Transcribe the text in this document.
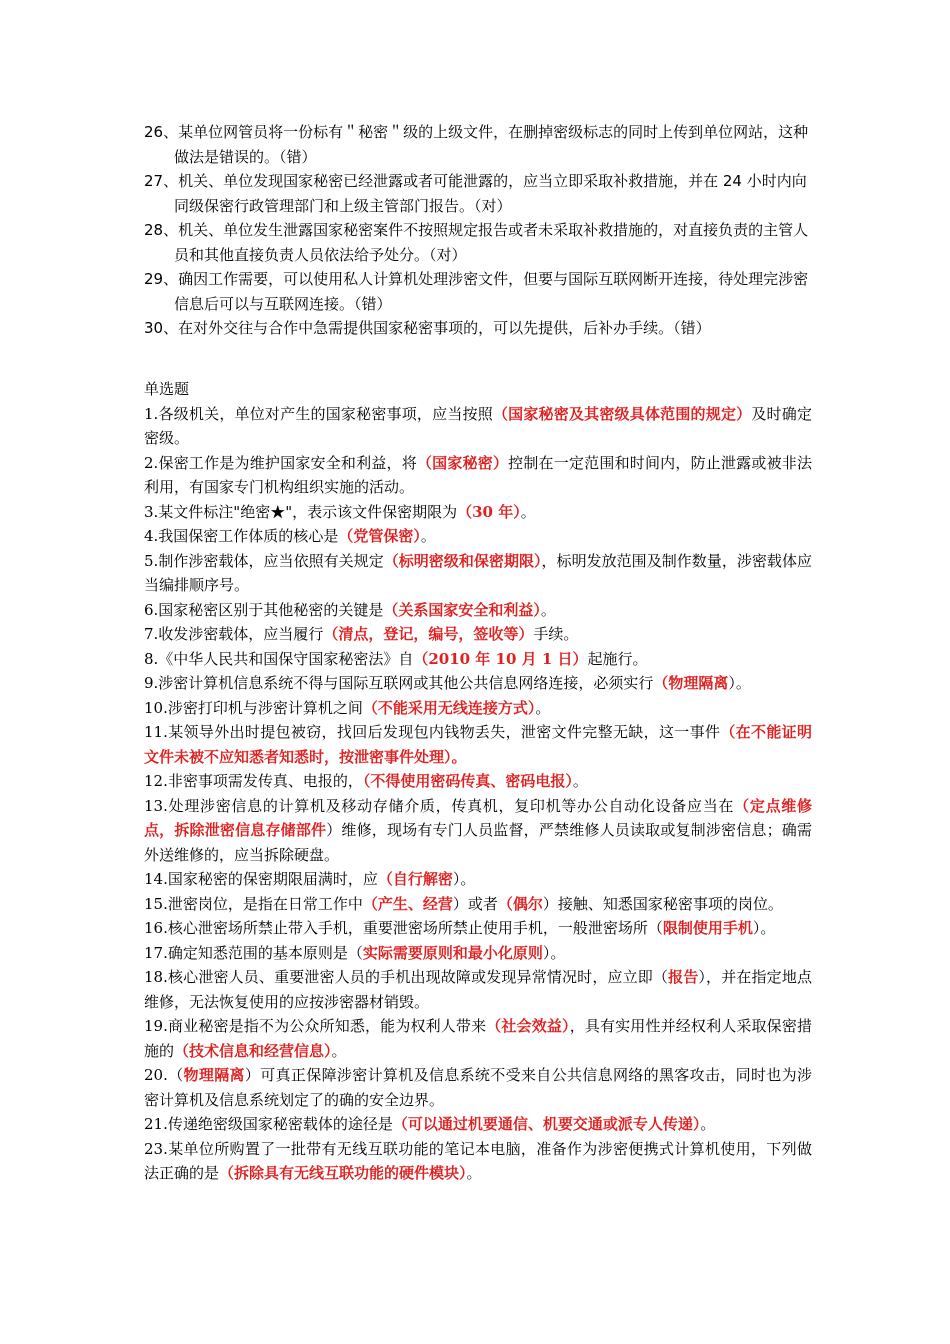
26、某单位网管员将一份标有＂秘密＂级的上级文件，在删掉密级标志的同时上传到单位网站，这种做法是错误的。（错）

27、机关、单位发现国家秘密已经泄露或者可能泄露的，应当立即采取补救措施，并在 24 小时内向同级保密行政管理部门和上级主管部门报告。（对）

28、机关、单位发生泄露国家秘密案件不按照规定报告或者未采取补救措施的，对直接负责的主管人员和其他直接负责人员依法给予处分。（对）

29、确因工作需要，可以使用私人计算机处理涉密文件，但要与国际互联网断开连接，待处理完涉密信息后可以与互联网连接。（错）

30、在对外交往与合作中急需提供国家秘密事项的，可以先提供，后补办手续。（错）

单选题

1.各级机关，单位对产生的国家秘密事项，应当按照（国家秘密及其密级具体范围的规定）及时确定密级。

2.保密工作是为维护国家安全和利益，将（国家秘密）控制在一定范围和时间内，防止泄露或被非法利用，有国家专门机构组织实施的活动。

3.某文件标注"绝密★"，表示该文件保密期限为（30 年）。

4.我国保密工作体质的核心是（党管保密）。

5.制作涉密载体，应当依照有关规定（标明密级和保密期限），标明发放范围及制作数量，涉密载体应当编排顺序号。

6.国家秘密区别于其他秘密的关键是（关系国家安全和利益）。

7.收发涉密载体，应当履行（清点，登记，编号，签收等）手续。

8.《中华人民共和国保守国家秘密法》自（2010 年 10 月 1 日）起施行。

9.涉密计算机信息系统不得与国际互联网或其他公共信息网络连接，必须实行（物理隔离）。

10.涉密打印机与涉密计算机之间（不能采用无线连接方式）。

11.某领导外出时提包被窃，找回后发现包内钱物丢失，泄密文件完整无缺，这一事件（在不能证明文件未被不应知悉者知悉时，按泄密事件处理）。

12.非密事项需发传真、电报的，（不得使用密码传真、密码电报）。

13.处理涉密信息的计算机及移动存储介质，传真机，复印机等办公自动化设备应当在（定点维修点，拆除泄密信息存储部件）维修，现场有专门人员监督，严禁维修人员读取或复制涉密信息；确需外送维修的，应当拆除硬盘。

14.国家秘密的保密期限届满时，应（自行解密）。

15.泄密岗位，是指在日常工作中（产生、经营）或者（偶尔）接触、知悉国家秘密事项的岗位。

16.核心泄密场所禁止带入手机，重要泄密场所禁止使用手机，一般泄密场所（限制使用手机）。

17.确定知悉范围的基本原则是（实际需要原则和最小化原则）。

18.核心泄密人员、重要泄密人员的手机出现故障或发现异常情况时，应立即（报告），并在指定地点维修，无法恢复使用的应按涉密器材销毁。

19.商业秘密是指不为公众所知悉，能为权利人带来（社会效益），具有实用性并经权利人采取保密措施的（技术信息和经营信息）。

20.（物理隔离）可真正保障涉密计算机及信息系统不受来自公共信息网络的黑客攻击，同时也为涉密计算机及信息系统划定了的确的安全边界。

21.传递绝密级国家秘密载体的途径是（可以通过机要通信、机要交通或派专人传递）。

23.某单位所购置了一批带有无线互联功能的笔记本电脑，准备作为涉密便携式计算机使用，下列做法正确的是（拆除具有无线互联功能的硬件模块）。
